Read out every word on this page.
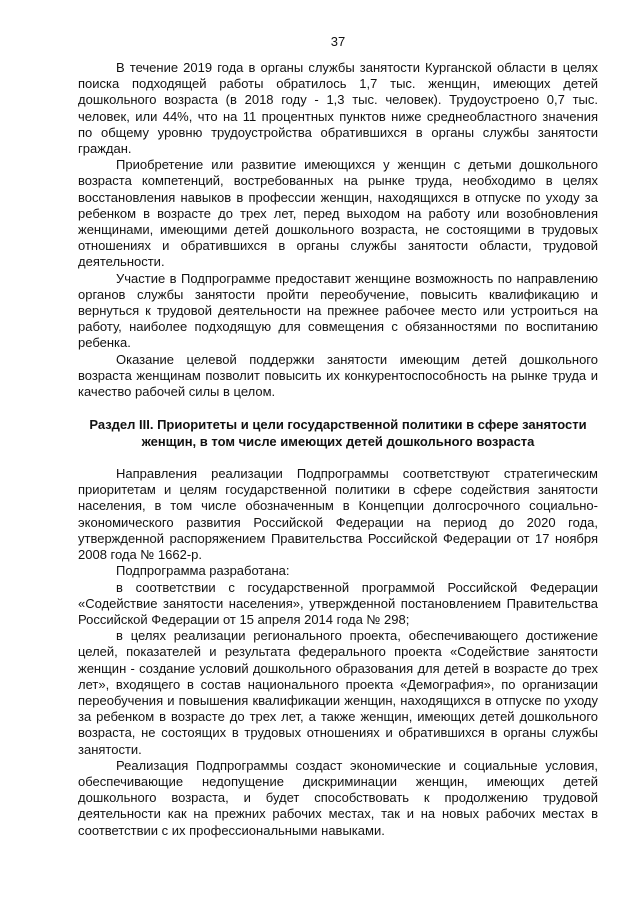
37

В течение 2019 года в органы службы занятости Курганской области в целях поиска подходящей работы обратилось 1,7 тыс. женщин, имеющих детей дошкольного возраста (в 2018 году - 1,3 тыс. человек). Трудоустроено 0,7 тыс. человек, или 44%, что на 11 процентных пунктов ниже среднеобластного значения по общему уровню трудоустройства обратившихся в органы службы занятости граждан.

Приобретение или развитие имеющихся у женщин с детьми дошкольного возраста компетенций, востребованных на рынке труда, необходимо в целях восстановления навыков в профессии женщин, находящихся в отпуске по уходу за ребенком в возрасте до трех лет, перед выходом на работу или возобновления женщинами, имеющими детей дошкольного возраста, не состоящими в трудовых отношениях и обратившихся в органы службы занятости области, трудовой деятельности.

Участие в Подпрограмме предоставит женщине возможность по направлению органов службы занятости пройти переобучение, повысить квалификацию и вернуться к трудовой деятельности на прежнее рабочее место или устроиться на работу, наиболее подходящую для совмещения с обязанностями по воспитанию ребенка.

Оказание целевой поддержки занятости имеющим детей дошкольного возраста женщинам позволит повысить их конкурентоспособность на рынке труда и качество рабочей силы в целом.

Раздел III. Приоритеты и цели государственной политики в сфере занятости женщин, в том числе имеющих детей дошкольного возраста

Направления реализации Подпрограммы соответствуют стратегическим приоритетам и целям государственной политики в сфере содействия занятости населения, в том числе обозначенным в Концепции долгосрочного социально-экономического развития Российской Федерации на период до 2020 года, утвержденной распоряжением Правительства Российской Федерации от 17 ноября 2008 года № 1662-р.

Подпрограмма разработана:

в соответствии с государственной программой Российской Федерации «Содействие занятости населения», утвержденной постановлением Правительства Российской Федерации от 15 апреля 2014 года № 298;

в целях реализации регионального проекта, обеспечивающего достижение целей, показателей и результата федерального проекта «Содействие занятости женщин - создание условий дошкольного образования для детей в возрасте до трех лет», входящего в состав национального проекта «Демография», по организации переобучения и повышения квалификации женщин, находящихся в отпуске по уходу за ребенком в возрасте до трех лет, а также женщин, имеющих детей дошкольного возраста, не состоящих в трудовых отношениях и обратившихся в органы службы занятости.

Реализация Подпрограммы создаст экономические и социальные условия, обеспечивающие недопущение дискриминации женщин, имеющих детей дошкольного возраста, и будет способствовать к продолжению трудовой деятельности как на прежних рабочих местах, так и на новых рабочих местах в соответствии с их профессиональными навыками.
